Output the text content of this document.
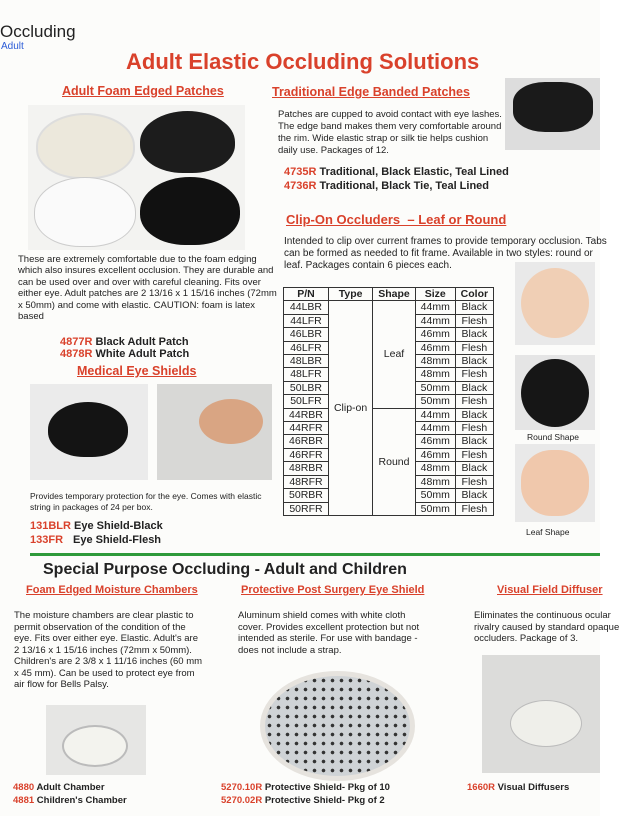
Occluding
Adult
Adult Elastic Occluding Solutions
Adult Foam Edged Patches
These are extremely comfortable due to the foam edging which also insures excellent occlusion. They are durable and can be used over and over with careful cleaning. Fits over either eye. Adult patches are 2 13/16 x 1 15/16 inches (72mm x 50mm) and come with elastic. CAUTION: foam is latex based
4877R Black Adult Patch
4878R White Adult Patch
Traditional Edge Banded Patches
Patches are cupped to avoid contact with eye lashes. The edge band makes them very comfortable around the rim. Wide elastic strap or silk tie helps cushion daily use. Packages of 12.
4735R Traditional, Black Elastic, Teal Lined
4736R Traditional, Black Tie, Teal Lined
Clip-On Occluders  – Leaf or Round
Intended to clip over current frames to provide temporary occlusion. Tabs can be formed as needed to fit frame. Available in two styles: round or leaf. Packages contain 6 pieces each.
P/N	Type	Shape	Size	Color
44LBR	Clip-on	Leaf	44mm	Black
44LFR			44mm	Flesh
46LBR			46mm	Black
46LFR			46mm	Flesh
48LBR			48mm	Black
48LFR			48mm	Flesh
50LBR			50mm	Black
50LFR			50mm	Flesh
44RBR		Round	44mm	Black
44RFR			44mm	Flesh
46RBR			46mm	Black
46RFR			46mm	Flesh
48RBR			48mm	Black
48RFR			48mm	Flesh
50RBR			50mm	Black
50RFR			50mm	Flesh
Round Shape
Leaf Shape
Medical Eye Shields
Provides temporary protection for the eye. Comes with elastic string in packages of 24 per box.
131BLR Eye Shield-Black
133FR Eye Shield-Flesh
Special Purpose Occluding - Adult and Children
Foam Edged Moisture Chambers
The moisture chambers are clear plastic to permit observation of the condition of the eye. Fits over either eye. Elastic. Adult's are 2 13/16 x 1 15/16 inches (72mm x 50mm). Children's are 2 3/8 x 1 11/16 inches (60 mm x 45 mm). Can be used to protect eye from air flow for Bells Palsy.
4880 Adult Chamber
4881 Children's Chamber
Protective Post Surgery Eye Shield
Aluminum shield comes with white cloth cover. Provides excellent protection but not intended as sterile. For use with bandage - does not include a strap.
5270.10R Protective Shield- Pkg of 10
5270.02R Protective Shield- Pkg of 2
Visual Field Diffuser
Eliminates the continuous ocular rivalry caused by standard opaque occluders. Package of 3.
1660R Visual Diffusers
